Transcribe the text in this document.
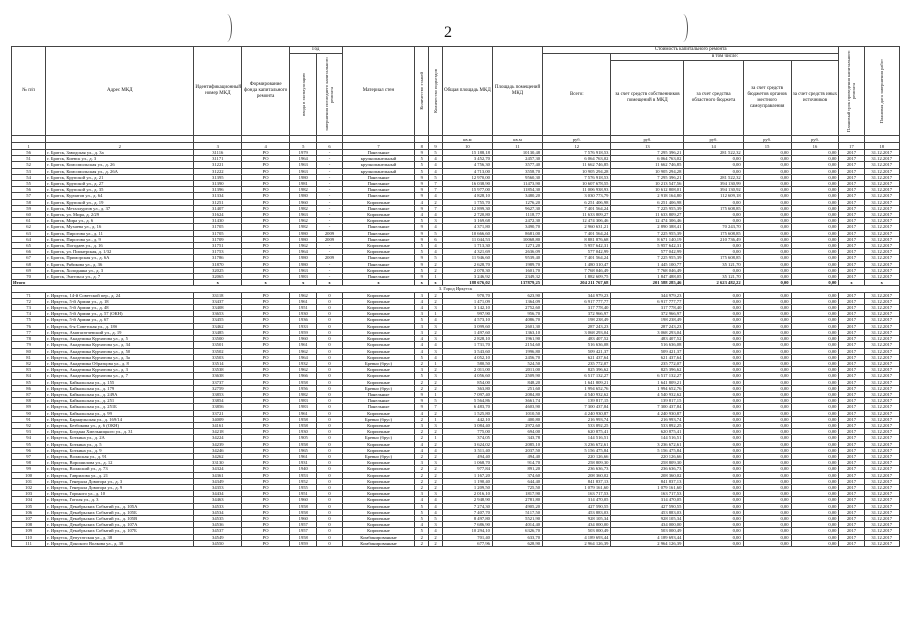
2
№ п/п	Адрес МКД	Идентификационный номер МКД	Формирование фонда капитального ремонта	Год		Материал стен	Количество этажей	Количество подъездов	Общая площадь МКД	Площадь помещений МКД	Стоимость капитального ремонта					Плановый срок проведения капитального ремонта	Плановая дата завершения работ

				ввода в эксплуатацию	завершения последнего капитального ремонта						Всего:	в том числе:					
												за счет средств собственников помещений в МКД	за счет средства областного бюджета	за счет средств бюджетов органов местного самоуправления	за счет средств иных источников		
									кв.м	кв.м	руб.	руб.	руб.	руб.	руб.		
1	2	3	4	5	6	7	8	9	10	11	12	13	14	15	16	17	18
56	г. Братск, Заводская ул., д. 3а	31116	РО	1979	-	Панельные	9	5	15 188,18	10130,48	7 576 918,53	7 295 396,21	281 522,32	0,00	0,00	2017	31.12.2017
51	г. Братск, Киевск ул., д. 3	31171	РО	1964	-	крупнопанельный	5	4	3 452,70	2457,30	6 064 763,02	6 064 763,02	0,00	0,00	0,00	2017	31.12.2017
52	г. Братск, Комсомольская ул., д. 26	31221	РО	1963	-	крупнопанельный	5	4	4 756,30	3577,40	11 662 746,85	11 662 746,85	0,00	0,00	0,00	2017	31.12.2017
53	г. Братск, Комсомольская ул., д. 26А	31222	РО	1963	-	крупнопанельный	5	4	4 713,00	3558,70	10 905 294,28	10 905 294,28	0,00	0,00	0,00	2017	31.12.2017
54	г. Братск, Крупской ул., д. 21	31395	РО	1980	-	Панельные	9	5	12 970,00	9560,30	7 576 918,53	7 295 396,21	281 522,32	0,00	0,00	2017	31.12.2017
55	г. Братск, Крупской ул., д. 27	31390	РО	1981	-	Панельные	9	7	16 038,90	11473,90	10 607 678,55	10 213 547,56	394 130,99	0,00	0,00	2017	31.12.2017
56	г. Братск, Крупской ул., д. 35	31396	РО	1982	-	Панельные	9	7	15 977,00	11854,30	11 006 938,93	10 612 808,01	394 130,92	0,00	0,00	2017	31.12.2017
57	г. Братск, Курчатов ул., д. 64	31334	РО	1980	-	Панельные	9	4	4 828,10	3480,20	3 030 773,79	2 918 164,80	112 609,18	0,00	0,00	2017	31.12.2017
58	г. Братск, Крупской ул., д. 19	31251	РО	1960	-	Кирпичные	4	2	1 755,70	1276,20	6 251 406,98	6 251 406,98	0,00	0,00	0,00	2017	31.12.2017
59	г. Братск, Металлургов ул., д. 37	31407	РО	1982	-	Панельные	9	7	12 899,30	9627,30	7 401 564,24	7 225 955,39	175 608,85	0,00	0,00	2017	31.12.2017
60	г. Братск, ул. Мира, д. 2/29	31624	РО	1963	-	Кирпичные	4	4	2 720,80	1118,77	11 633 809,27	11 633 809,27	0,00	0,00	0,00	2017	31.12.2017
61	г. Братск, Мира ул., д. 6	31430	РО	1962	-	Кирпичные	5	3	3 169,68	2472,30	12 474 306,46	12 474 306,46	0,00	0,00	0,00	2017	31.12.2017
62	г. Братск, Мухаева ул., д. 16	31705	РО	1982	-	Панельные	9	4	4 371,80	3490,70	2 960 631,21	2 890 388,41	70 243,70	0,00	0,00	2017	31.12.2017
63	г. Братск, Пирогова ул., д. 11	31705	РО	1980	2009	Панельные	9	5	10 666,60	8681,00	7 401 564,24	7 225 955,39	175 608,85	0,00	0,00	2017	31.12.2017
64	г. Братск, Пирогова ул., д. 9	31709	РО	1980	2009	Панельные	9	6	11 044,53	10068,80	8 881 876,68	8 671 140,19	210 736,49	0,00	0,00	2017	31.12.2017
65	г. Братск, Погодаев ул., д. 16	31751	РО	1962	-	Кирпичные	5	4	1 713,30	1271,20	5 957 642,31	5 957 642,31	0,00	0,00	0,00	2017	31.12.2017
66	г. Братск, ул. Пионерская, д. 1/32	31753	РО	1964	-	Кирпичные	5	4	4 321,69	2636,09	577 042,99	577 042,99	0,00	0,00	0,00	2017	31.12.2017
67	г. Братск, Приморская ул., д. 6А	31786	РО	1980	2009	Панельные	9	5	11 946,60	9539,40	7 401 564,24	7 225 955,39	175 608,85	0,00	0,00	2017	31.12.2017
68	г. Братск, Рябикова ул., д. 36	31870	РО	1980	-	Панельные	9	2	2 628,70	1989,70	1 480 310,47	1 445 100,77	35 121,70	0,00	0,00	2017	31.12.2017
69	г. Братск, Холодняка ул., д. 3	32025	РО	1963	-	Кирпичные	5	2	2 078,30	1601,70	7 768 046,49	7 768 046,49	0,00	0,00	0,00	2017	31.12.2017
70	г. Братск, Энгельса ул., д. 7	32065	РО	1983	-	Панельные	9	1	3 246,92	2349,32	1 882 609,75	1 847 488,05	35 121,70	0,00	0,00	2017	31.12.2017
Итого		x	x	x	x	x	x	x	188 676,02	137879,25	204 211 767,68	201 588 285,46	2 623 482,22	0,00	0,00	x	x
3. Город Иркутск																	
71	г. Иркутск, 14-й Советской пер., д. 24	33118	РО	1962	0	Кирпичные	3	2	970,70	623,90	344 979,23	344 979,23	0,00	0,00	0,00	2017	31.12.2017
72	г. Иркутск, 5-й Армии ул., д. 18	33437	РО	1961	0	Кирпичные	4	2	1 471,09	1364,09	6 917 777,77	6 917 777,77	0,00	0,00	0,00	2017	31.12.2017
73	г. Иркутск, 5-й Армии ул., д. 48	33408	РО	1951	0	Кирпичные	4	3	3 142,10	2752,60	317 778,40	317 778,40	0,00	0,00	0,00	2017	31.12.2017
74	г. Иркутск, 5-й Армии ул., д. 57 (ОКН)	33653	РО	1930	0	Кирпичные	3	1	997,90	956,70	372 966,97	372 966,97	0,00	0,00	0,00	2017	31.12.2017
75	г. Иркутск, 5-й Армии ул., д. 67	33455	РО	1936	0	Кирпичные	5	4	4 573,10	4086,70	198 238,49	198 238,49	0,00	0,00	0,00	2017	31.12.2017
76	г. Иркутск, 6-я Советская ул., д. 18б	33462	РО	1933	0	Кирпичные	3	3	3 099,60	2601,30	287 243,23	287 243,23	0,00	0,00	0,00	2017	31.12.2017
77	г. Иркутск, Аматагатчевский ул., д. 19	33485	РО	1959	0	Кирпичные	3	2	1 497,60	1363,10	3 068 293,04	3 068 293,04	0,00	0,00	0,00	2017	31.12.2017
78	г. Иркутск, Академика Курчатова ул., д. 5	33500	РО	1960	0	Кирпичные	4	3	2 828,10	1961,90	483 407,52	483 407,52	0,00	0,00	0,00	2017	31.12.2017
79	г. Иркутск, Академика Курчатова ул., д. 34	33501	РО	1961	0	Кирпичные	4	4	1 731,70	2154,60	516 636,08	516 636,08	0,00	0,00	0,00	2017	31.12.2017
80	г. Иркутск, Академика Курчатова ул., д. 50	33502	РО	1962	0	Кирпичные	4	3	3 543,60	1996,80	509 421,37	509 421,37	0,00	0,00	0,00	2017	31.12.2017
81	г. Иркутск, Академика Курчатова ул., д. 3а	33503	РО	1964	0	Кирпичные	5	4	4 052,10	2456,70	621 437,64	621 437,64	0,00	0,00	0,00	2017	31.12.2017
82	г. Иркутск, Академика Образцова ул., д. 8	33514	РО	1932	0	Бревно (брус)	2	1	580,50	524,50	235 772,07	235 772,07	0,00	0,00	0,00	2017	31.12.2017
83	г. Иркутск, Академика Курчатова ул., д. 3	33538	РО	1962	0	Кирпичные	3	2	2 011,00	2011,00	825 396,62	825 396,62	0,00	0,00	0,00	2017	31.12.2017
84	г. Иркутск, Академика Курчатова ул., д. 7	33638	РО	1966	0	Кирпичные	5	3	4 056,60	2509,90	6 517 132,27	6 517 132,27	0,00	0,00	0,00	2017	31.12.2017
85	г. Иркутск, Байкальская ул., д. 155	33737	РО	1958	0	Кирпичные	2	2	854,00	848,20	1 641 809,21	1 641 809,21	0,00	0,00	0,00	2017	31.12.2017
86	г. Иркутск, Байкальская ул., д. 179	32759	РО	1956	0	Бревно (брус)	2	2	363,80	251,60	1 994 652,76	1 994 652,76	0,00	0,00	0,00	2017	31.12.2017
87	г. Иркутск, Байкальская ул., д. 249А	33853	РО	1982	0	Панельные	9	1	7 097,40	2084,80	4 540 932,62	4 540 932,62	0,00	0,00	0,00	2017	31.12.2017
88	г. Иркутск, Байкальская ул., д. 251	33854	РО	1983	0	Панельные	9	5	5 564,86	3661,74	139 817,15	139 817,15	0,00	0,00	0,00	2017	31.12.2017
89	г. Иркутск, Байкальская ул., д. 251Б	33856	РО	1983	0	Панельные	9	7	6 483,70	4603,90	7 300 437,84	7 300 437,84	0,00	0,00	0,00	2017	31.12.2017
90	г. Иркутск, Байкальская ул., д. 99	33721	РО	1961	0	Кирпичные	4	2	1 525,80	1010,50	4 240 930,87	4 240 930,87	0,00	0,00	0,00	2017	31.12.2017
91	г. Иркутск, Барнаульская ул., д. 169/14	34009	РО	1958	0	Бревно (брус)	2	1	442,10	400,80	216 993,74	216 993,74	0,00	0,00	0,00	2017	31.12.2017
92	г. Иркутск, Безбокова ул., д. 6 (ОКН)	34161	РО	1958	0	Кирпичные	3	3	3 084,40	2972,60	533 892,25	533 892,25	0,00	0,00	0,00	2017	31.12.2017
93	г. Иркутск, Богдана Хмельницкого ул., д. 31	34218	РО	1930	0	Кирпичные	2	2	775,00	694,00	620 875,41	620 875,41	0,00	0,00	0,00	2017	31.12.2017
94	г. Иркутск, Боткина ул., д. 2А	34224	РО	1905	0	Бревно (брус)	2	1	374,05	343,78	144 516,51	144 516,51	0,00	0,00	0,00	2017	31.12.2017
95	г. Иркутск, Боткина ул., д. 5	34239	РО	1958	0	Кирпичные	4	2	3 624,02	2085,10	3 236 672,61	3 236 672,61	0,00	0,00	0,00	2017	31.12.2017
96	г. Иркутск, Боткина ул., д. 9	34246	РО	1965	0	Кирпичные	4	4	3 511,40	2037,50	5 156 475,84	5 156 475,84	0,00	0,00	0,00	2017	31.12.2017
97	г. Иркутск, Волжская ул., д. 91	34262	РО	1961	0	Бревно (брус)	2	2	494,40	494,40	220 126,66	220 126,66	0,00	0,00	0,00	2017	31.12.2017
98	г. Иркутск, Ворошилова ул., д. 12	33130	РО	1931	0	Кирпичные	3	3	1 068,70	914,70	258 809,30	258 809,30	0,00	0,00	0,00	2017	31.12.2017
99	г. Иркутск, Волжский ул., д. 73	34324	РО	1940	0	Кирпичные	2	2	977,84	891,20	236 636,73	236 636,73	0,00	0,00	0,00	2017	31.12.2017
100	г. Иркутск, Гаврилова ул., д. 21	34361	РО	1953	0	Кирпичные	2	2	1 167,20	374,60	208 360,02	208 360,02	0,00	0,00	0,00	2017	31.12.2017
101	г. Иркутск, Генерала Доватора ул., д. 3	34349	РО	1952	0	Кирпичные	2	2	1 190,40	644,40	841 837,13	841 837,13	0,00	0,00	0,00	2017	31.12.2017
102	г. Иркутск, Генерала Доватора ул., д. 9	34353	РО	1955	0	Кирпичные	2	2	1 209,50	725,50	1 079 161,60	1 079 161,60	0,00	0,00	0,00	2017	31.12.2017
103	г. Иркутск, Горького ул., д. 10	34434	РО	1951	0	Кирпичные	3	3	2 016,10	1817,90	163 717,53	163 717,53	0,00	0,00	0,00	2017	31.12.2017
104	г. Иркутск, Гоголя ул., д. 3	34463	РО	1960	0	Кирпичные	4	4	2 948,90	2781,80	314 470,05	314 470,05	0,00	0,00	0,00	2017	31.12.2017
105	г. Иркутск, Декабрьских Событий ул., д. 105А	34533	РО	1958	0	Кирпичные	5	4	7 274,30	4905,20	427 590,55	427 590,55	0,00	0,00	0,00	2017	31.12.2017
106	г. Иркутск, Декабрьских Событий ул., д. 105Б	34534	РО	1958	0	Кирпичные	5	4	7 407,70	5117,50	453 883,03	453 883,03	0,00	0,00	0,00	2017	31.12.2017
107	г. Иркутск, Декабрьских Событий ул., д. 105В	34535	РО	1960	0	Кирпичные	5	5	8 497,80	5521,90	928 105,34	928 105,34	0,00	0,00	0,00	2017	31.12.2017
108	г. Иркутск, Декабрьских Событий ул., д. 107А	34536	РО	1957	0	Кирпичные	4	3	7 686,90	4014,40	434 000,00	434 000,00	0,00	0,00	0,00	2017	31.12.2017
109	г. Иркутск, Декабрьских Событий ул., д. 107Б	34537	РО	1957	0	Кирпичные	5	4	10 294,10	6326,70	503 000,49	503 000,49	0,00	0,00	0,00	2017	31.12.2017
110	г. Иркутск, Депутатская ул., д. 38	34549	РО	1958	0	Комбинированные	2	2	701,40	633,70	4 189 693,44	4 189 693,44	0,00	0,00	0,00	2017	31.12.2017
111	г. Иркутск, Донского Волкова ул., д. 38	34550	РО	1959	0	Комбинированные	2	2	677,96	628,90	2 964 126,39	2 964 126,39	0,00	0,00	0,00	2017	31.12.2017
